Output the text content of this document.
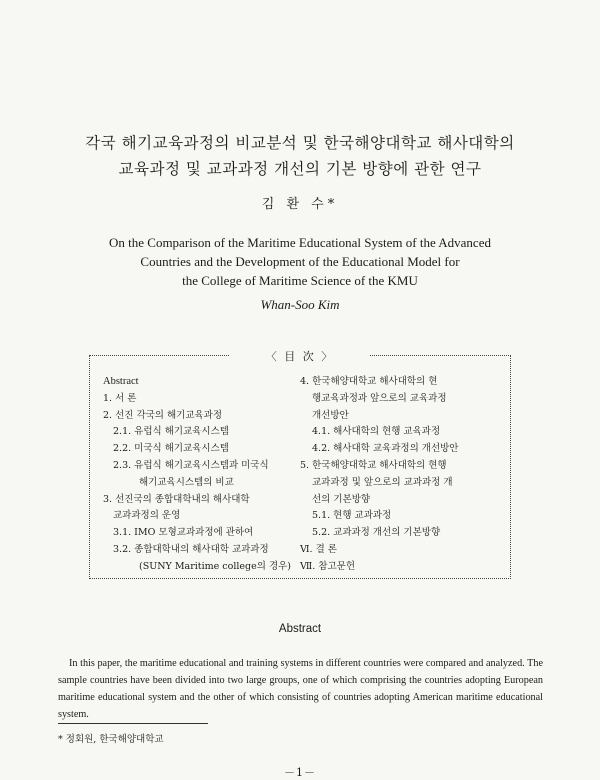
각국 해기교육과정의 비교분석 및 한국해양대학교 해사대학의
교육과정 및 교과과정 개선의 기본 방향에 관한 연구
김 환 수*
On the Comparison of the Maritime Educational System of the Advanced
Countries and the Development of the Educational Model for
the College of Maritime Science of the KMU
Whan-Soo Kim
〈 目 次 〉
Abstract
1. 서 론
2. 선진 각국의 해기교육과정
2.1. 유럽식 해기교육시스템
2.2. 미국식 해기교육시스템
2.3. 유럽식 해기교육시스템과 미국식
해기교육시스템의 비교
3. 선진국의 종합대학내의 해사대학
교과과정의 운영
3.1. IMO 모형교과과정에 관하여
3.2. 종합대학내의 해사대학 교과과정
(SUNY Maritime college의 경우)
4. 한국해양대학교 해사대학의 현
행교육과정과 앞으로의 교육과정
개선방안
4.1. 해사대학의 현행 교육과정
4.2. 해사대학 교육과정의 개선방안
5. 한국해양대학교 해사대학의 현행
교과과정 및 앞으로의 교과과정 개
선의 기본방향
5.1. 현행 교과과정
5.2. 교과과정 개선의 기본방향
Ⅵ. 결 론
Ⅶ. 참고문헌
Abstract
In this paper, the maritime educational and training systems in different countries were compared and analyzed. The sample countries have been divided into two large groups, one of which comprising the countries adopting European maritime educational system and the other of which consisting of countries adopting American maritime educational system.
* 정회원, 한국해양대학교
－1－
